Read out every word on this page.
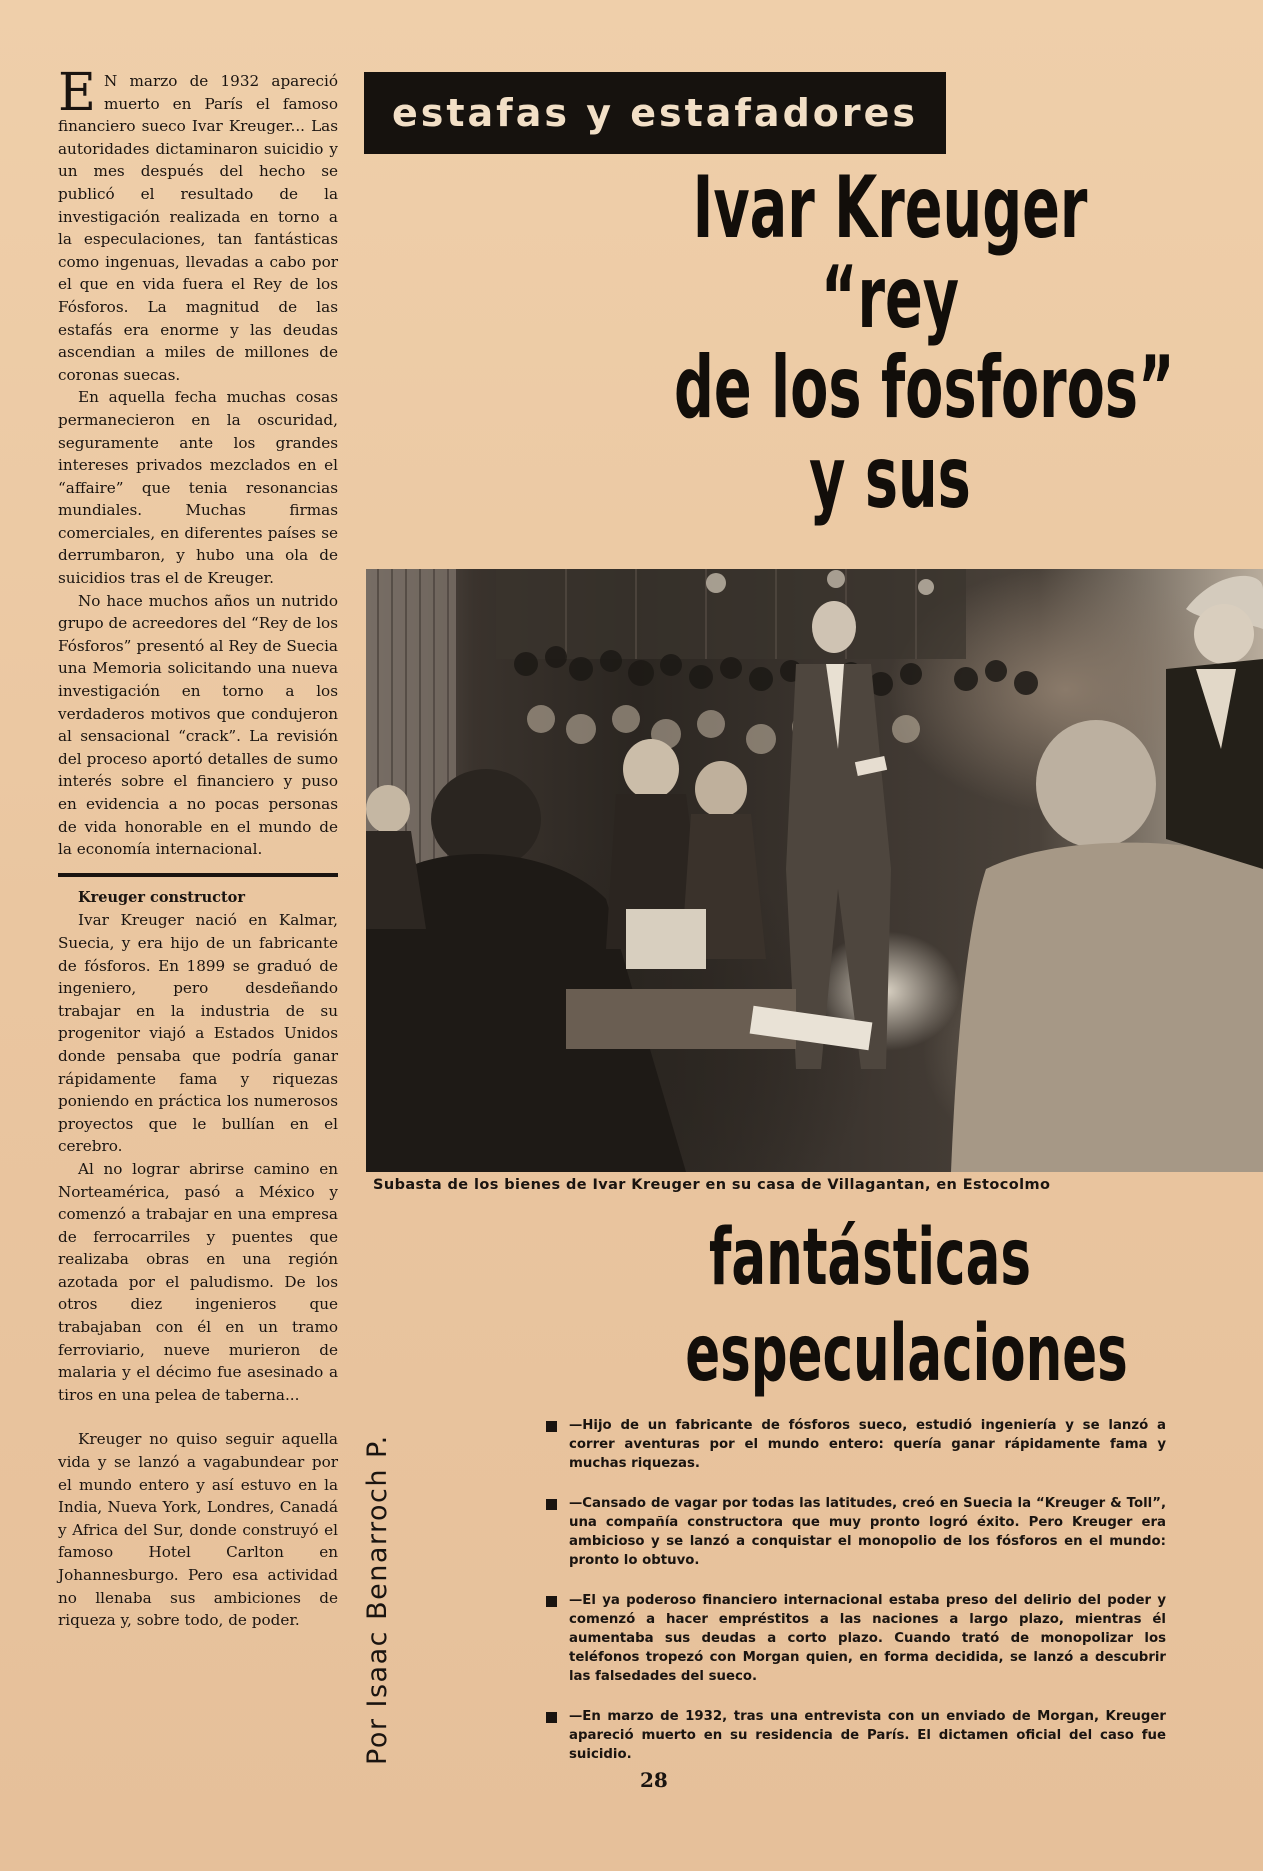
E N marzo de 1932 apareció muerto en París el famoso financiero sueco Ivar Kreuger... Las autoridades dictaminaron suicidio y un mes después del hecho se publicó el resultado de la investigación realizada en torno a la especulaciones, tan fantásticas como ingenuas, llevadas a cabo por el que en vida fuera el Rey de los Fósforos. La magnitud de las estafás era enorme y las deudas ascendian a miles de millones de coronas suecas.

En aquella fecha muchas cosas permanecieron en la oscuridad, seguramente ante los grandes intereses privados mezclados en el “affaire” que tenia resonancias mundiales. Muchas firmas comerciales, en diferentes países se derrumbaron, y hubo una ola de suicidios tras el de Kreuger.

No hace muchos años un nutrido grupo de acreedores del “Rey de los Fósforos” presentó al Rey de Suecia una Memoria solicitando una nueva investigación en torno a los verdaderos motivos que condujeron al sensacional “crack”. La revisión del proceso aportó detalles de sumo interés sobre el financiero y puso en evidencia a no pocas personas de vida honorable en el mundo de la economía internacional.

Kreuger constructor

Ivar Kreuger nació en Kalmar, Suecia, y era hijo de un fabricante de fósforos. En 1899 se graduó de ingeniero, pero desdeñando trabajar en la industria de su progenitor viajó a Estados Unidos donde pensaba que podría ganar rápidamente fama y riquezas poniendo en práctica los numerosos proyectos que le bullían en el cerebro.

Al no lograr abrirse camino en Norteamérica, pasó a México y comenzó a trabajar en una empresa de ferrocarriles y puentes que realizaba obras en una región azotada por el paludismo. De los otros diez ingenieros que trabajaban con él en un tramo ferroviario, nueve murieron de malaria y el décimo fue asesinado a tiros en una pelea de taberna...

Kreuger no quiso seguir aquella vida y se lanzó a vagabundear por el mundo entero y así estuvo en la India, Nueva York, Londres, Canadá y Africa del Sur, donde construyó el famoso Hotel Carlton en Johannesburgo. Pero esa actividad no llenaba sus ambiciones de riqueza y, sobre todo, de poder.

estafas y estafadores
Ivar Kreuger
“rey
de los fosforos”
y sus
Subasta de los bienes de Ivar Kreuger en su casa de Villagantan, en Estocolmo
fantásticas
especulaciones
Por Isaac Benarroch P.
—Hijo de un fabricante de fósforos sueco, estudió ingeniería y se lanzó a correr aventuras por el mundo entero: quería ganar rápidamente fama y muchas riquezas.
—Cansado de vagar por todas las latitudes, creó en Suecia la “Kreuger & Toll”, una compañía constructora que muy pronto logró éxito. Pero Kreuger era ambicioso y se lanzó a conquistar el monopolio de los fósforos en el mundo: pronto lo obtuvo.
—El ya poderoso financiero internacional estaba preso del delirio del poder y comenzó a hacer empréstitos a las naciones a largo plazo, mientras él aumentaba sus deudas a corto plazo. Cuando trató de monopolizar los teléfonos tropezó con Morgan quien, en forma decidida, se lanzó a descubrir las falsedades del sueco.
—En marzo de 1932, tras una entrevista con un enviado de Morgan, Kreuger apareció muerto en su residencia de París. El dictamen oficial del caso fue suicidio.
28
